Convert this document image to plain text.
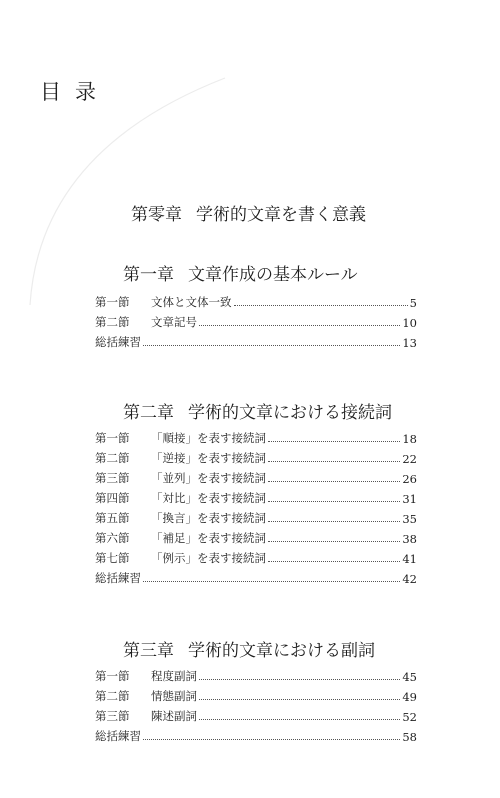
目录
第零章 学術的文章を書く意義
第一章 文章作成の基本ルール
第一節	文体と文体一致	5
第二節	文章記号	10
総括練習	13
第二章 学術的文章における接続詞
第一節	「順接」を表す接続詞	18
第二節	「逆接」を表す接続詞	22
第三節	「並列」を表す接続詞	26
第四節	「対比」を表す接続詞	31
第五節	「換言」を表す接続詞	35
第六節	「補足」を表す接続詞	38
第七節	「例示」を表す接続詞	41
総括練習	42
第三章 学術的文章における副詞
第一節	程度副詞	45
第二節	情態副詞	49
第三節	陳述副詞	52
総括練習	58
